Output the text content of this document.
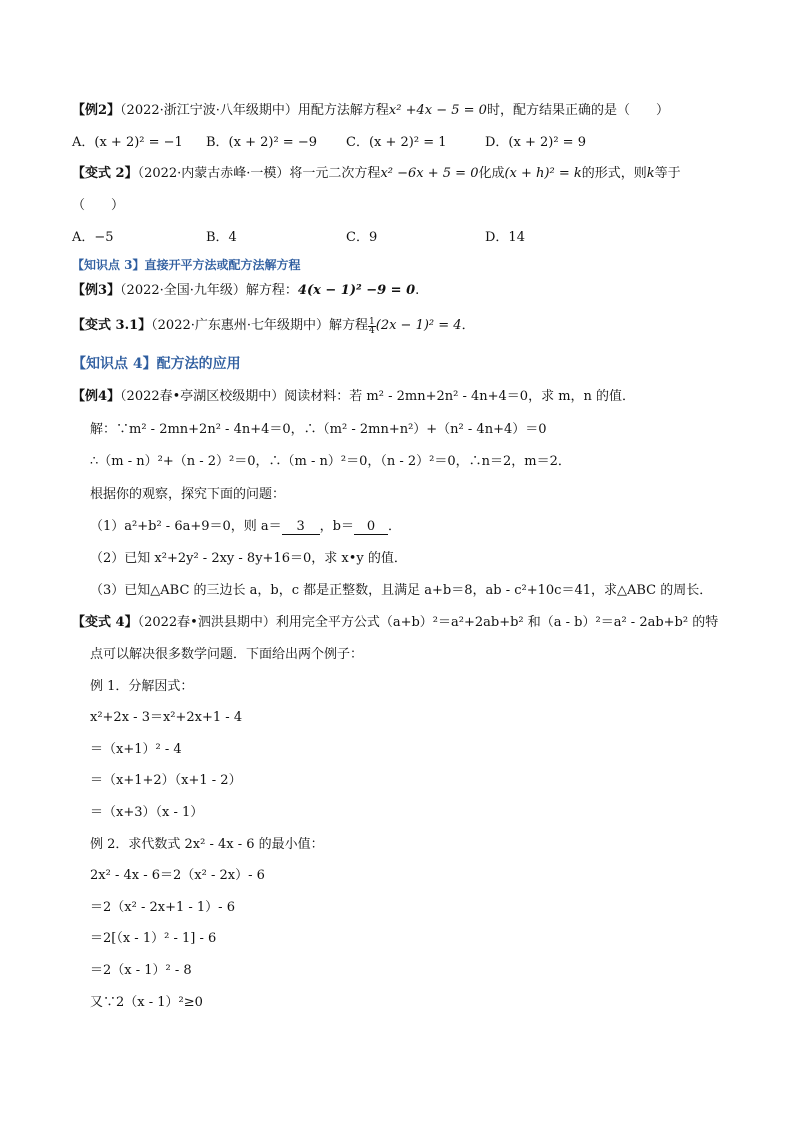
【例2】（2022·浙江宁波·八年级期中）用配方法解方程x² +4x − 5 = 0时，配方结果正确的是（　　）
A．(x + 2)² = −1 B．(x + 2)² = −9 C．(x + 2)² = 1	D．(x + 2)² = 9
【变式 2】（2022·内蒙古赤峰·一模）将一元二次方程x² −6x + 5 = 0化成(x + h)² = k的形式，则k等于
（　　）
A．−5	B．4	C．9	D．14
【知识点 3】直接开平方法或配方法解方程
【例3】（2022·全国·九年级）解方程：4(x − 1)² −9 = 0.
【变式 3.1】（2022·广东惠州·七年级期中）解方程 $\frac{1}{4} (2x - 1)^2 = 4$．
【知识点 4】配方法的应用
【例4】（2022春•亭湖区校级期中）阅读材料：若 m² - 2mn+2n² - 4n+4＝0，求 m，n 的值．
解：∵m² - 2mn+2n² - 4n+4＝0，∴（m² - 2mn+n²）+（n² - 4n+4）＝0
∴（m - n）²+（n - 2）²＝0，∴（m - n）²＝0，（n - 2）²＝0，∴n＝2，m＝2．
根据你的观察，探究下面的问题：
（1）a²+b² - 6a+9＝0，则 a＝ 3 ，b＝ 0 ．
（2）已知 x²+2y² - 2xy - 8y+16＝0，求 x•y 的值．
（3）已知△ABC 的三边长 a，b，c 都是正整数，且满足 a+b＝8，ab - c²+10c＝41，求△ABC 的周长．
【变式 4】（2022春•泗洪县期中）利用完全平方公式（a+b）²＝a²+2ab+b² 和（a - b）²＝a² - 2ab+b² 的特
点可以解决很多数学问题．下面给出两个例子：
例 1．分解因式：
x²+2x - 3＝x²+2x+1 - 4
＝（x+1）² - 4
＝（x+1+2）（x+1 - 2）
＝（x+3）（x - 1）
例 2．求代数式 2x² - 4x - 6 的最小值：
2x² - 4x - 6＝2（x² - 2x）- 6
＝2（x² - 2x+1 - 1）- 6
＝2[（x - 1）² - 1] - 6
＝2（x - 1）² - 8
又∵2（x - 1）²≥0
